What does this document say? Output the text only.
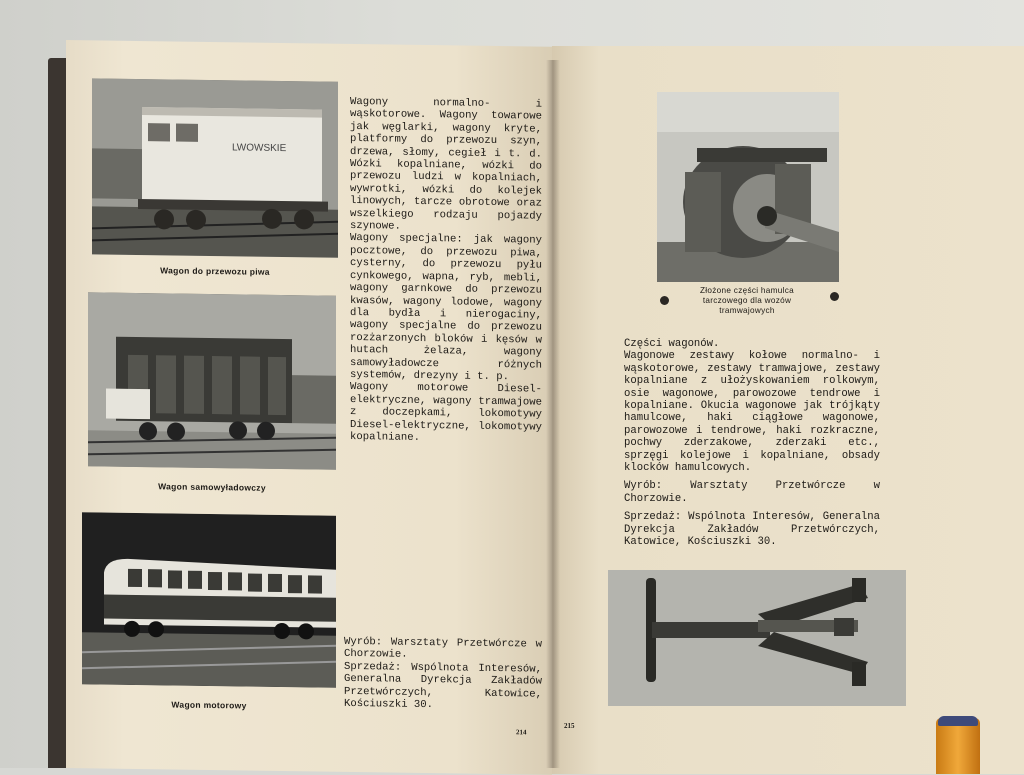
LWOWSKIE
Wagon do przewozu piwa
Wagon samowyładowczy
Wagon motorowy

Wagony normalno- i wąskotorowe. Wagony towarowe jak węglarki, wagony kryte, platformy do przewozu szyn, drzewa, słomy, cegieł i t. d. Wózki kopalniane, wózki do przewozu ludzi w kopalniach, wywrotki, wózki do kolejek linowych, tarcze obrotowe oraz wszelkiego rodzaju pojazdy szynowe.

Wagony specjalne: jak wagony pocztowe, do przewozu piwa, cysterny, do przewozu pyłu cynkowego, wapna, ryb, mebli, wagony garnkowe do przewozu kwasów, wagony lodowe, wagony dla bydła i nierogaciny, wagony specjalne do przewozu rozżarzonych bloków i kęsów w hutach żelaza, wagony samowyładowcze różnych systemów, drezyny i t. p.

Wagony motorowe Diesel-elektryczne, wagony tramwajowe z doczepkami, lokomotywy Diesel-elektryczne, lokomotywy kopalniane.

Wyrób: Warsztaty Przetwórcze w Chorzowie.

Sprzedaż: Wspólnota Interesów, Generalna Dyrekcja Zakładów Przetwórczych, Katowice, Kościuszki 30.

214
Złożone części hamulca tarczowego dla wozów tramwajowych

Części wagonów.

Wagonowe zestawy kołowe normalno- i wąskotorowe, zestawy tramwajowe, zestawy kopalniane z ułożyskowaniem rolkowym, osie wagonowe, parowozowe tendrowe i kopalniane. Okucia wagonowe jak trójkąty hamulcowe, haki ciągłowe wagonowe, parowozowe i tendrowe, haki rozkraczne, pochwy zderzakowe, zderzaki etc., sprzęgi kolejowe i kopalniane, obsady klocków hamulcowych.

Wyrób: Warsztaty Przetwórcze w Chorzowie.

Sprzedaż: Wspólnota Interesów, Generalna Dyrekcja Zakładów Przetwórczych, Katowice, Kościuszki 30.

215
